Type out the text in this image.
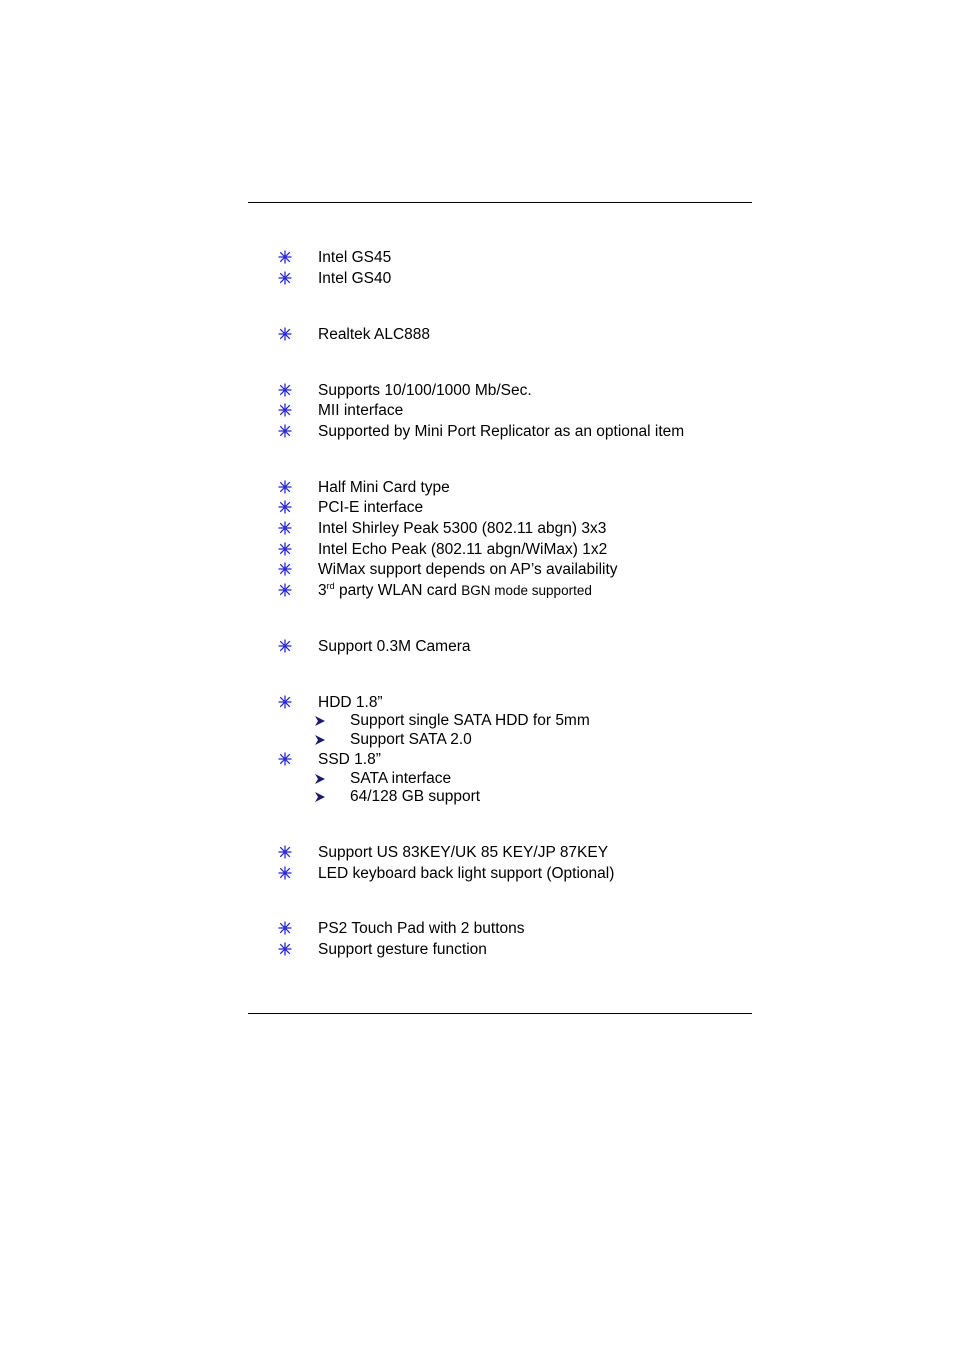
Intel GS45
Intel GS40
Realtek ALC888
Supports 10/100/1000 Mb/Sec.
MII interface
Supported by Mini Port Replicator as an optional item
Half Mini Card type
PCI-E interface
Intel Shirley Peak 5300 (802.11 abgn) 3x3
Intel Echo Peak (802.11 abgn/WiMax) 1x2
WiMax support depends on AP’s availability
3rd party WLAN card BGN mode supported
Support 0.3M Camera
HDD 1.8”
Support single SATA HDD for 5mm
Support SATA 2.0
SSD 1.8”
SATA interface
64/128 GB support
Support US 83KEY/UK 85 KEY/JP 87KEY
LED keyboard back light support (Optional)
PS2 Touch Pad with 2 buttons
Support gesture function
